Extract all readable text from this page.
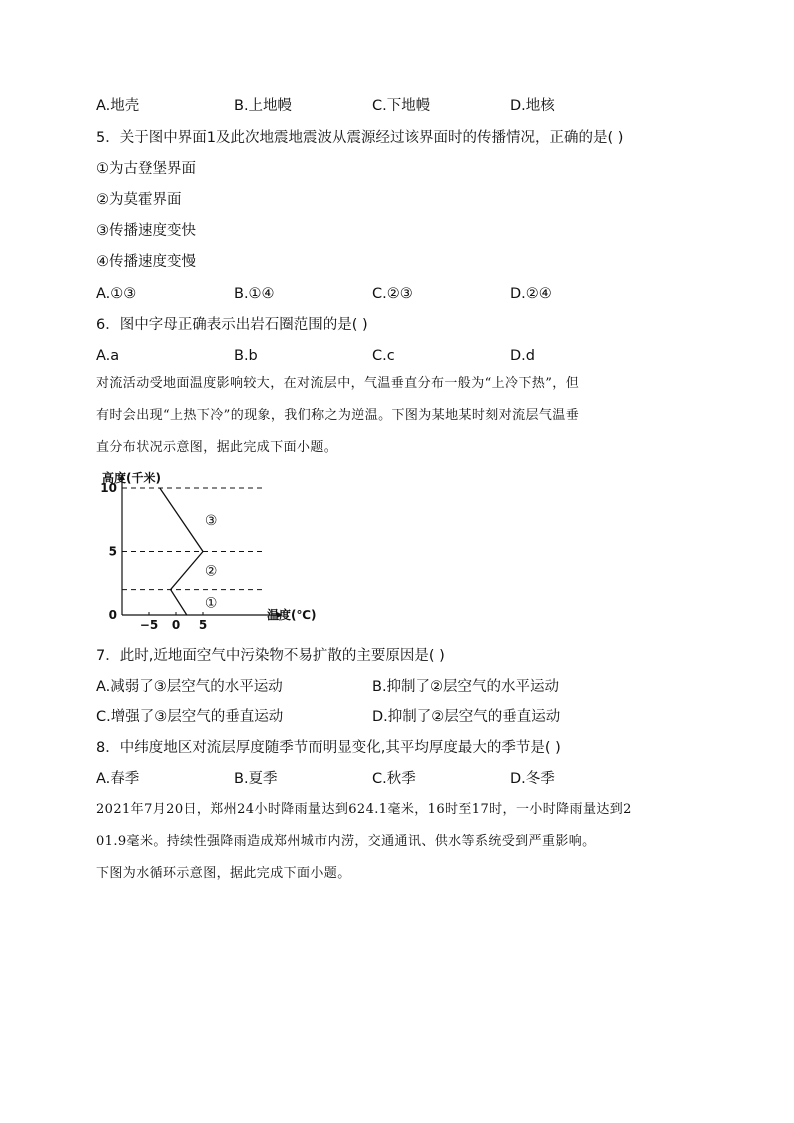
A.地壳	B.上地幔	C.下地幔	D.地核
5．关于图中界面1及此次地震地震波从震源经过该界面时的传播情况，正确的是( )
①为古登堡界面
②为莫霍界面
③传播速度变快
④传播速度变慢
A.①③	B.①④	C.②③	D.②④
6．图中字母正确表示出岩石圈范围的是( )
A.a	B.b	C.c	D.d
对流活动受地面温度影响较大，在对流层中，气温垂直分布一般为“上冷下热”，但
有时会出现“上热下冷”的现象，我们称之为逆温。下图为某地某时刻对流层气温垂
直分布状况示意图，据此完成下面小题。
高度(千米)
温度(℃)
0
5
10
−5 0 5
①
②
③
7．此时,近地面空气中污染物不易扩散的主要原因是( )
A.减弱了③层空气的水平运动	B.抑制了②层空气的水平运动
C.增强了③层空气的垂直运动	D.抑制了②层空气的垂直运动
8．中纬度地区对流层厚度随季节而明显变化,其平均厚度最大的季节是( )
A.春季	B.夏季	C.秋季	D.冬季
2021年7月20日，郑州24小时降雨量达到624.1毫米，16时至17时，一小时降雨量达到2
01.9毫米。持续性强降雨造成郑州城市内涝，交通通讯、供水等系统受到严重影响。
下图为水循环示意图，据此完成下面小题。
